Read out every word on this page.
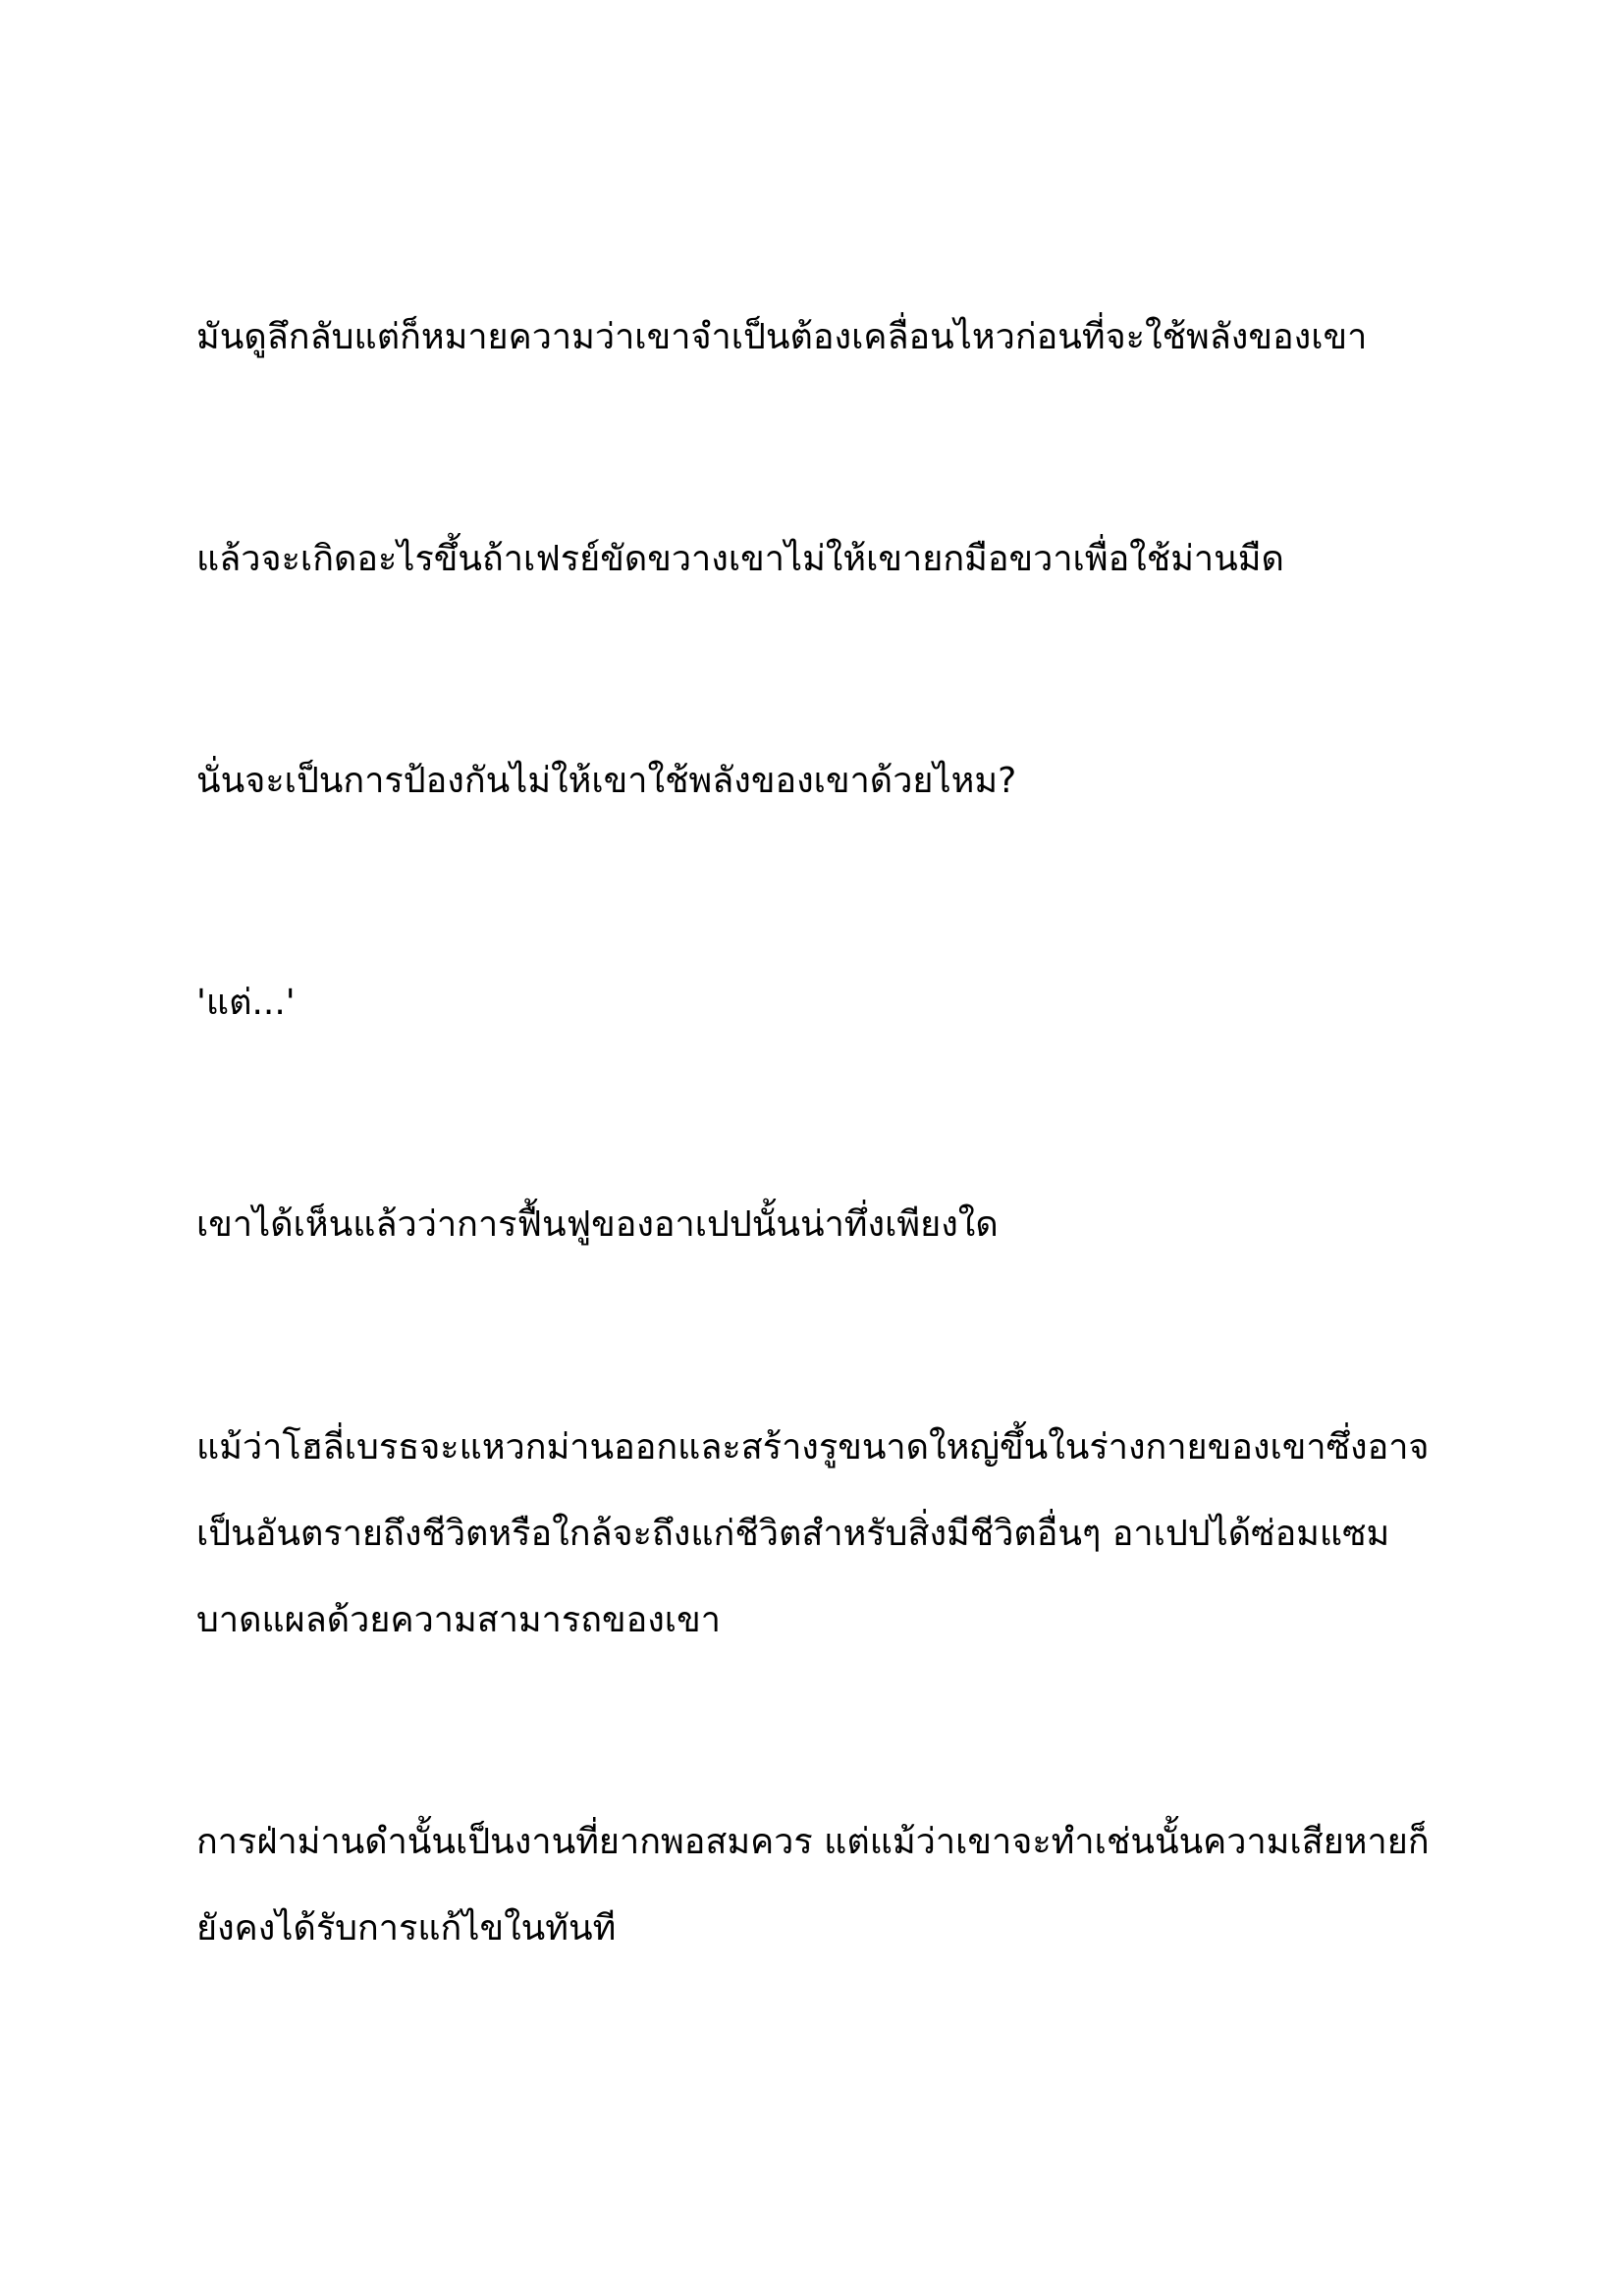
มันดูลึกลับแต่ก็หมายความว่าเขาจำเป็นต้องเคลื่อนไหวก่อนที่จะใช้พลังของเขา

แล้วจะเกิดอะไรขึ้นถ้าเฟรย์ขัดขวางเขาไม่ให้เขายกมือขวาเพื่อใช้ม่านมืด

นั่นจะเป็นการป้องกันไม่ให้เขาใช้พลังของเขาด้วยไหม?

'แต่...'

เขาได้เห็นแล้วว่าการฟื้นฟูของอาเปปนั้นน่าทึ่งเพียงใด

แม้ว่าโฮลี่เบรธจะแหวกม่านออกและสร้างรูขนาดใหญ่ขึ้นในร่างกายของเขาซึ่งอาจ
เป็นอันตรายถึงชีวิตหรือใกล้จะถึงแก่ชีวิตสำหรับสิ่งมีชีวิตอื่นๆ อาเปปได้ซ่อมแซม
บาดแผลด้วยความสามารถของเขา

การฝ่าม่านดำนั้นเป็นงานที่ยากพอสมควร แต่แม้ว่าเขาจะทำเช่นนั้นความเสียหายก็
ยังคงได้รับการแก้ไขในทันที
